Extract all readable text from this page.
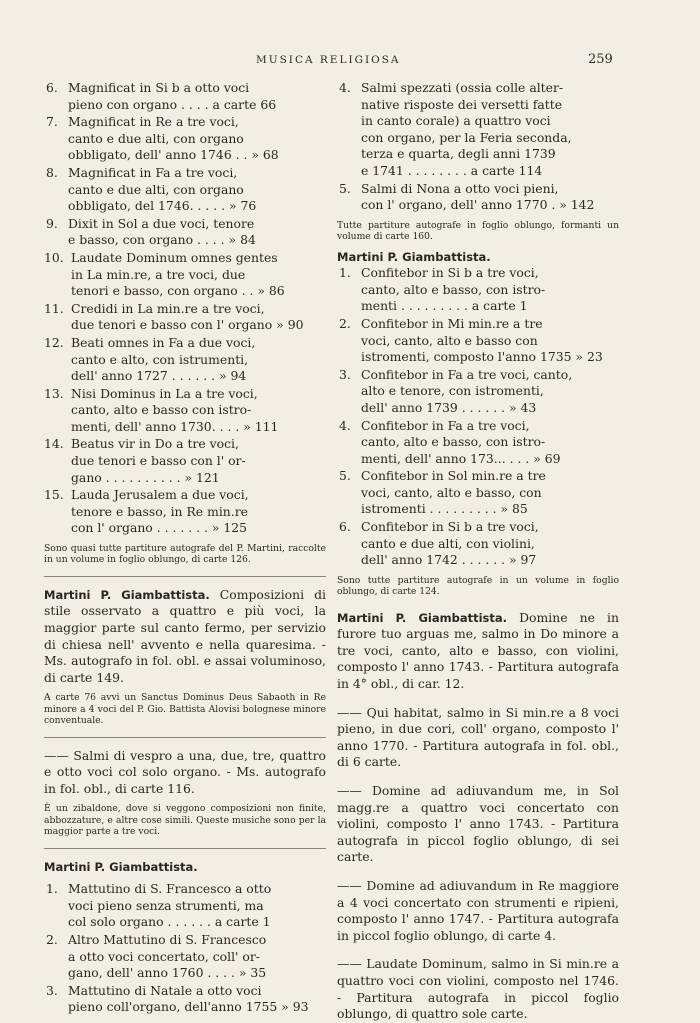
MUSICA RELIGIOSA	259
6. Magnificat in Si b a otto voci
pieno con organo . . . . a carte 66
7. Magnificat in Re a tre voci,
canto e due alti, con organo
obbligato, dell' anno 1746 . . » 68
8. Magnificat in Fa a tre voci,
canto e due alti, con organo
obbligato, del 1746. . . . . » 76
9. Dixit in Sol a due voci, tenore
e basso, con organo . . . . » 84
10. Laudate Dominum omnes gentes
in La min.re, a tre voci, due
tenori e basso, con organo . . » 86
11. Credidi in La min.re a tre voci,
due tenori e basso con l' organo » 90
12. Beati omnes in Fa a due voci,
canto e alto, con istrumenti,
dell' anno 1727 . . . . . . » 94
13. Nisi Dominus in La a tre voci,
canto, alto e basso con istro-
menti, dell' anno 1730. . . . » 111
14. Beatus vir in Do a tre voci,
due tenori e basso con l' or-
gano . . . . . . . . . . » 121
15. Lauda Jerusalem a due voci,
tenore e basso, in Re min.re
con l' organo . . . . . . . » 125
Sono quasi tutte partiture autografe del P. Martini, raccolte in un volume in foglio oblungo, di carte 126.
Martini P. Giambattista. Composizioni di stile osservato a quattro e più voci, la maggior parte sul canto fermo, per servizio di chiesa nell' avvento e nella quaresima. - Ms. autografo in fol. obl. e assai voluminoso, di carte 149.
A carte 76 avvi un Sanctus Dominus Deus Sabaoth in Re minore a 4 voci del P. Gio. Battista Alovisi bolognese minore conventuale.
—— Salmi di vespro a una, due, tre, quattro e otto voci col solo organo. - Ms. autografo in fol. obl., di carte 116.
È un zibaldone, dove si veggono composizioni non finite, abbozzature, e altre cose simili. Queste musiche sono per la maggior parte a tre voci.
Martini P. Giambattista.
1. Mattutino di S. Francesco a otto
voci pieno senza strumenti, ma
col solo organo . . . . . . a carte 1
2. Altro Mattutino di S. Francesco
a otto voci concertato, coll' or-
gano, dell' anno 1760 . . . . » 35
3. Mattutino di Natale a otto voci
pieno coll'organo, dell'anno 1755 » 93
4. Salmi spezzati (ossia colle alter-
native risposte dei versetti fatte
in canto corale) a quattro voci
con organo, per la Feria seconda,
terza e quarta, degli anni 1739
e 1741 . . . . . . . . a carte 114
5. Salmi di Nona a otto voci pieni,
con l' organo, dell' anno 1770 . » 142
Tutte partiture autografe in foglio oblungo, formanti un volume di carte 160.
Martini P. Giambattista.
1. Confitebor in Si b a tre voci,
canto, alto e basso, con istro-
menti . . . . . . . . . a carte 1
2. Confitebor in Mi min.re a tre
voci, canto, alto e basso con
istromenti, composto l'anno 1735 » 23
3. Confitebor in Fa a tre voci, canto,
alto e tenore, con istromenti,
dell' anno 1739 . . . . . . » 43
4. Confitebor in Fa a tre voci,
canto, alto e basso, con istro-
menti, dell' anno 173... . . . » 69
5. Confitebor in Sol min.re a tre
voci, canto, alto e basso, con
istromenti . . . . . . . . . » 85
6. Confitebor in Si b a tre voci,
canto e due alti, con violini,
dell' anno 1742 . . . . . . » 97
Sono tutte partiture autografe in un volume in foglio oblungo, di carte 124.
Martini P. Giambattista. Domine ne in furore tuo arguas me, salmo in Do minore a tre voci, canto, alto e basso, con violini, composto l' anno 1743. - Partitura autografa in 4° obl., di car. 12.
—— Qui habitat, salmo in Si min.re a 8 voci pieno, in due cori, coll' organo, composto l' anno 1770. - Partitura autografa in fol. obl., di 6 carte.
—— Domine ad adiuvandum me, in Sol magg.re a quattro voci concertato con violini, composto l' anno 1743. - Partitura autografa in piccol foglio oblungo, di sei carte.
—— Domine ad adiuvandum in Re maggiore a 4 voci concertato con strumenti e ripieni, composto l' anno 1747. - Partitura autografa in piccol foglio oblungo, di carte 4.
—— Laudate Dominum, salmo in Si min.re a quattro voci con violini, composto nel 1746. - Partitura autografa in piccol foglio oblungo, di quattro sole carte.
